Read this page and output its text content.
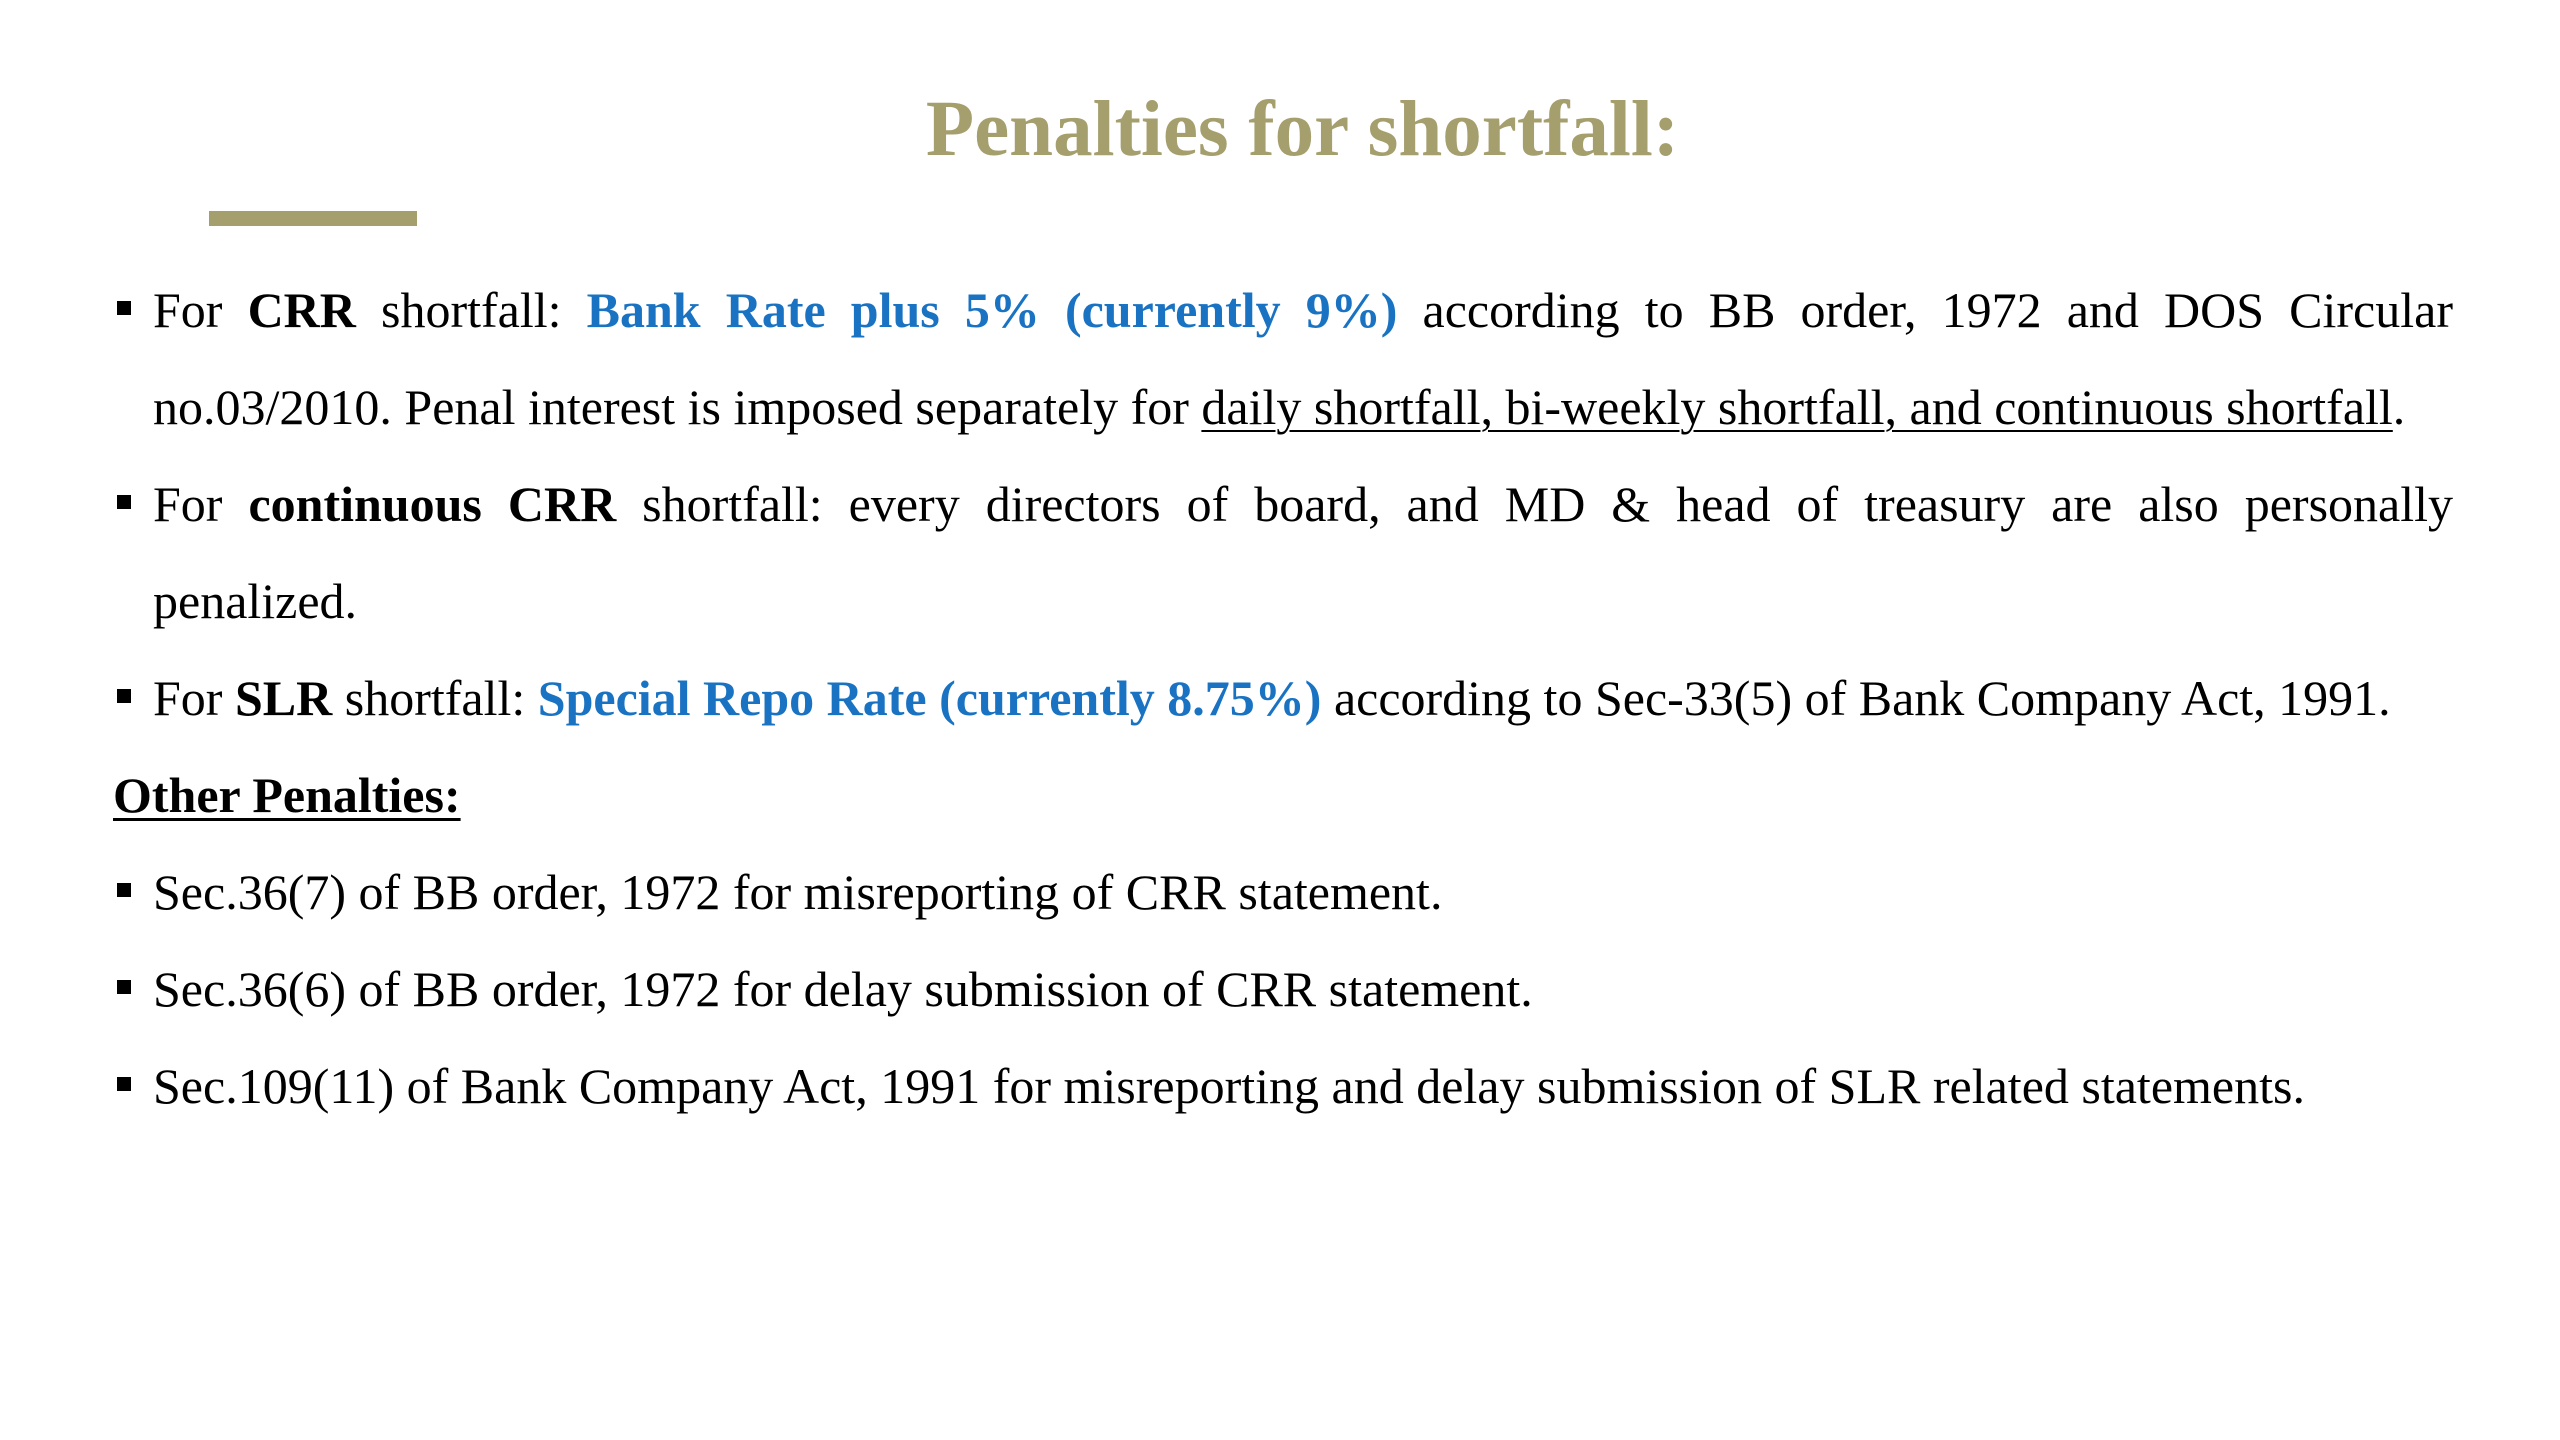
Penalties for shortfall:
For CRR shortfall: Bank Rate plus 5% (currently 9%) according to BB order, 1972 and DOS Circular no.03/2010. Penal interest is imposed separately for daily shortfall, bi-weekly shortfall, and continuous shortfall.
For continuous CRR shortfall: every directors of board, and MD & head of treasury are also personally penalized.
For SLR shortfall: Special Repo Rate (currently 8.75%) according to Sec-33(5) of Bank Company Act, 1991.
Other Penalties:
Sec.36(7) of BB order, 1972 for misreporting of CRR statement.
Sec.36(6) of BB order, 1972 for delay submission of CRR statement.
Sec.109(11) of Bank Company Act, 1991 for misreporting and delay submission of SLR related statements.
